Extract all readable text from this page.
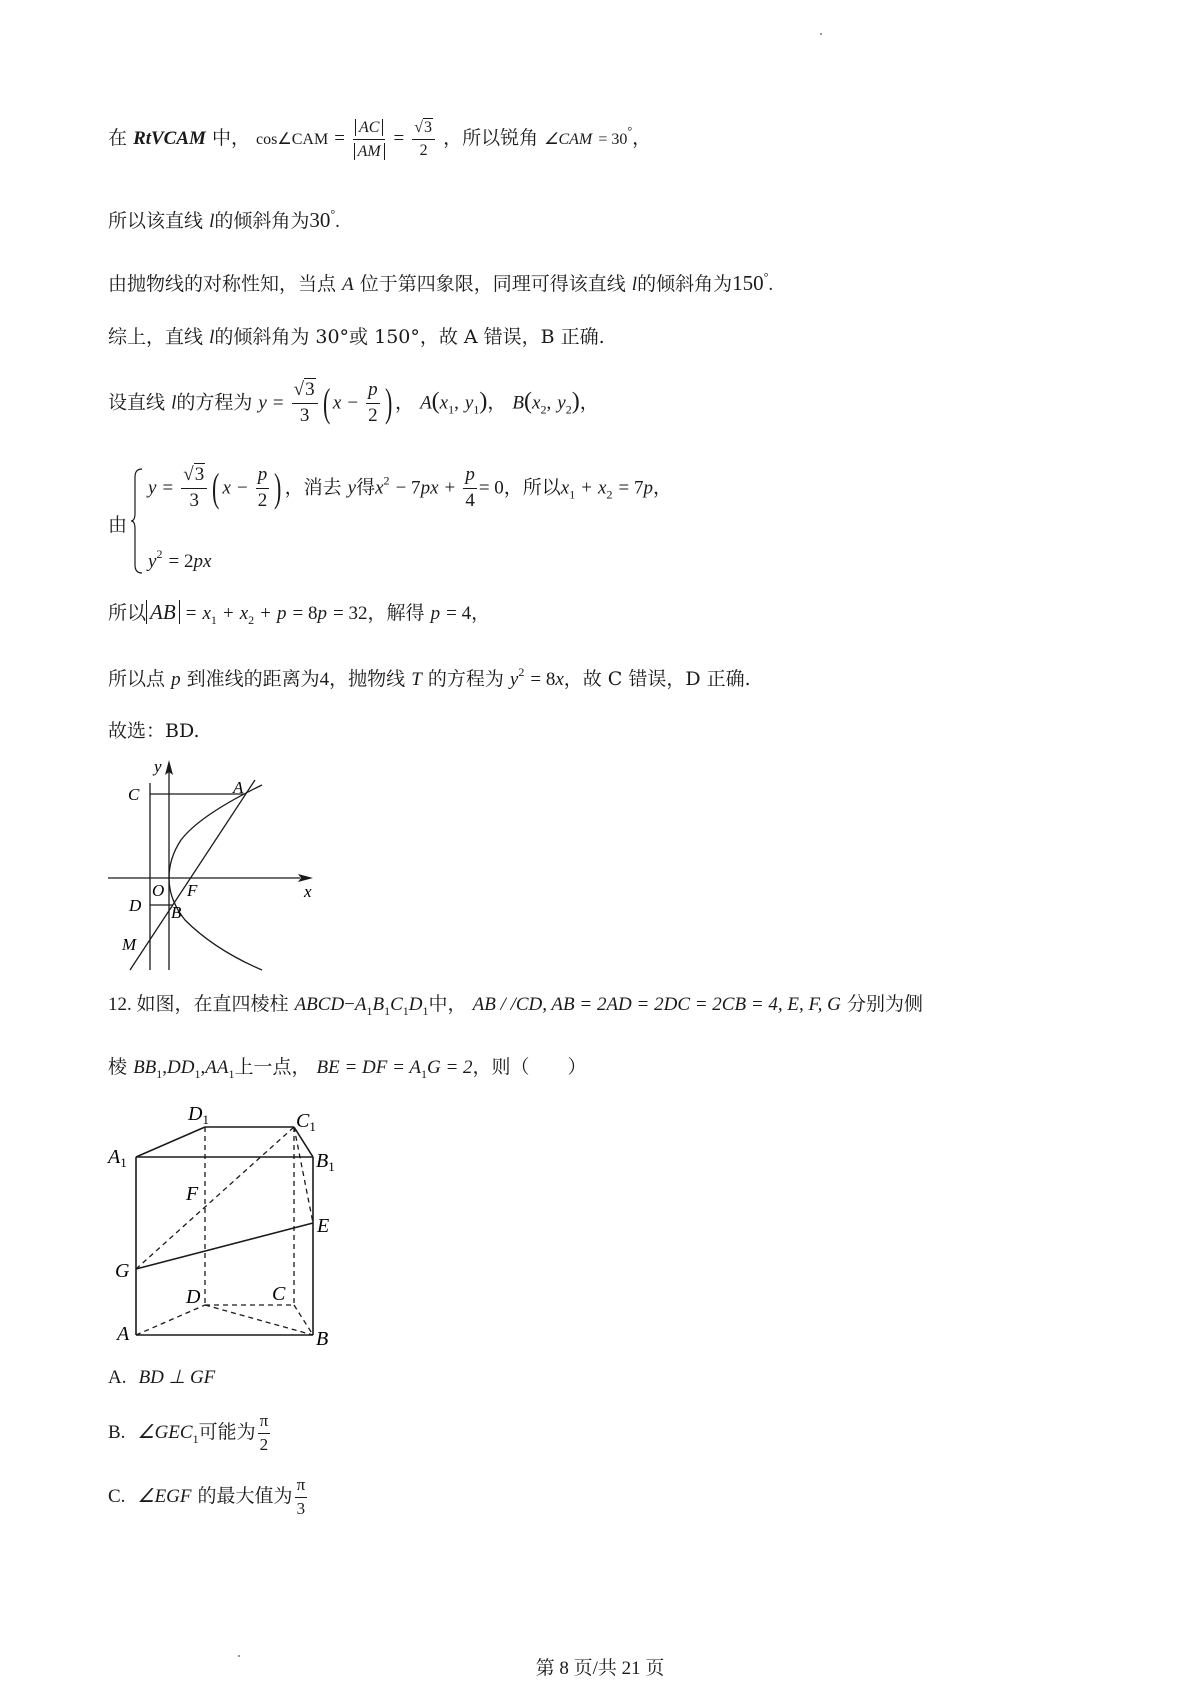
在 RtVCAM 中， cos∠CAM = $\frac{AC}{AM} = \frac{√3}{2}$ ，所以锐角 ∠CAM = 30°，
所以该直线 l的倾斜角为30°.
由抛物线的对称性知，当点 A 位于第四象限，同理可得该直线 l的倾斜角为150°.
综上，直线 l的倾斜角为 30°或 150°，故 A 错误，B 正确.
设直线 l的方程为 $y = \frac{√3}{3}$ ( $x - \frac{p}{2}$ ) ， $A(x_1$, $y_1$)， $B(x_2$, $y_2$)，
由
$y = \frac{√3}{3}$ ( $x - \frac{p}{2}$ ) ，消去 y得$x^2 - 7px + \frac{p}{4} = 0$，所以$x_1 + x_2 = 7p$，
$y^2 = 2px$
所以 AB = $x_1 + x_2 + p = 8p = 32$，解得 p = 4，
所以点 p 到准线的距离为4，抛物线 T 的方程为 $y^2 = 8x$，故 C 错误，D 正确.
故选：BD.
y
x
A
C
O F
D B
M
12. 如图，在直四棱柱 $ABCD-A_1B_1C_1D_1$中， AB / /CD, AB = 2AD = 2DC = 2CB = 4, E, F, G 分别为侧
棱 $BB_1,DD_1,AA_1$上一点， BE = DF = $A_1G = 2$，则（　　）
$A_1$	$B_1$
$C_1$
$D_1$
F
E
G
D	C
A	B
A. BD ⊥ GF
B. $\angle GEC_1$可能为 $\frac{\pi}{2}$
C. ∠EGF 的最大值为 $\frac{\pi}{3}$
第 8 页/共 21 页
